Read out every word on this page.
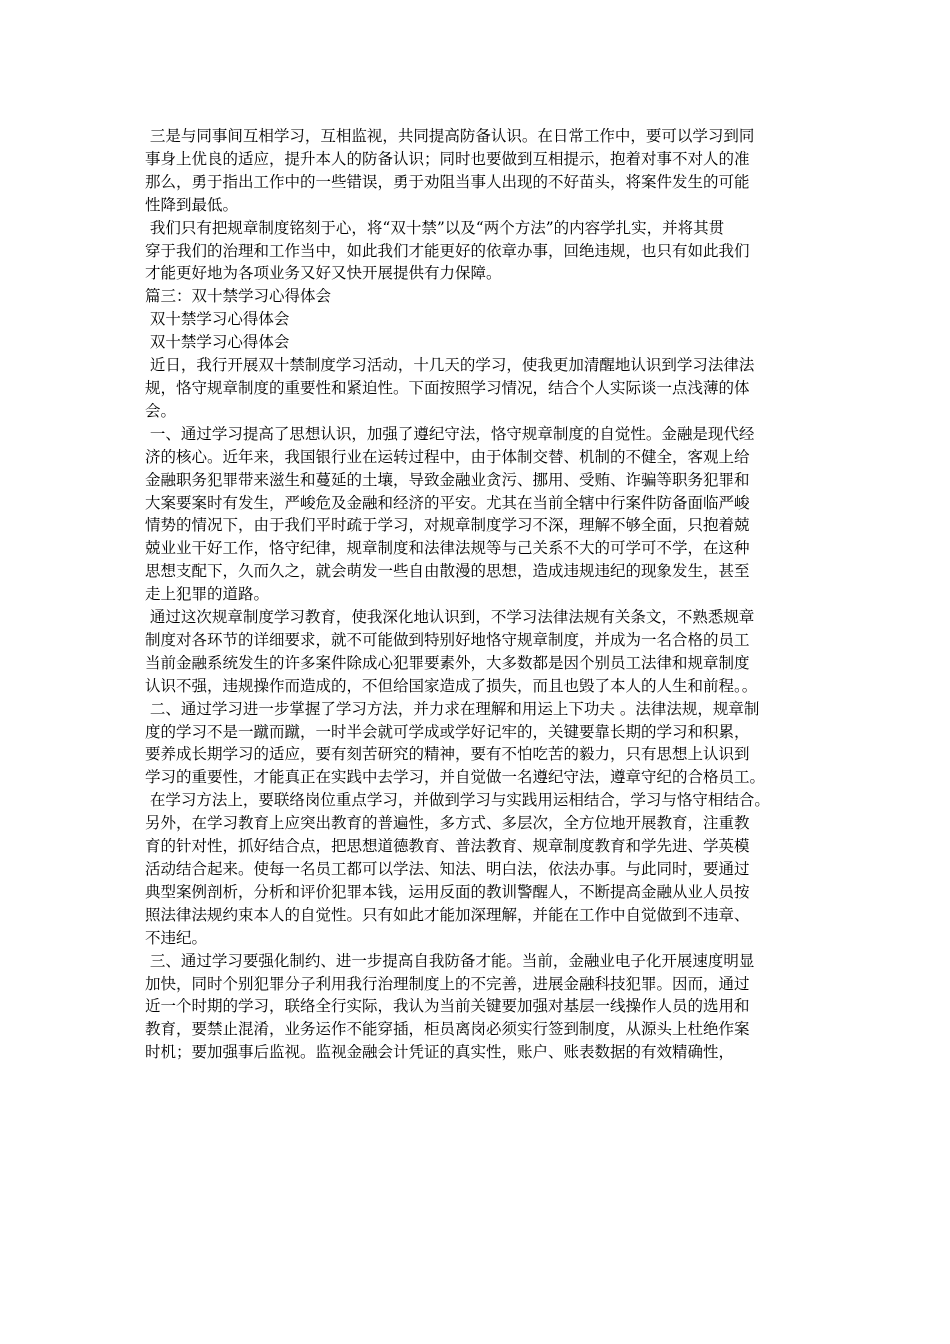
三是与同事间互相学习，互相监视，共同提高防备认识。在日常工作中，要可以学习到同
事身上优良的适应，提升本人的防备认识；同时也要做到互相提示，抱着对事不对人的准
那么，勇于指出工作中的一些错误，勇于劝阻当事人出现的不好苗头，将案件发生的可能
性降到最低。
我们只有把规章制度铭刻于心，将“双十禁”以及“两个方法”的内容学扎实，并将其贯
穿于我们的治理和工作当中，如此我们才能更好的依章办事，回绝违规，也只有如此我们
才能更好地为各项业务又好又快开展提供有力保障。
篇三：双十禁学习心得体会
双十禁学习心得体会
双十禁学习心得体会
近日，我行开展双十禁制度学习活动，十几天的学习，使我更加清醒地认识到学习法律法
规，恪守规章制度的重要性和紧迫性。下面按照学习情况，结合个人实际谈一点浅薄的体
会。
一、通过学习提高了思想认识，加强了遵纪守法，恪守规章制度的自觉性。金融是现代经
济的核心。近年来，我国银行业在运转过程中，由于体制交替、机制的不健全，客观上给
金融职务犯罪带来滋生和蔓延的土壤，导致金融业贪污、挪用、受贿、诈骗等职务犯罪和
大案要案时有发生，严峻危及金融和经济的平安。尤其在当前全辖中行案件防备面临严峻
情势的情况下，由于我们平时疏于学习，对规章制度学习不深，理解不够全面，只抱着兢
兢业业干好工作，恪守纪律，规章制度和法律法规等与己关系不大的可学可不学，在这种
思想支配下，久而久之，就会萌发一些自由散漫的思想，造成违规违纪的现象发生，甚至
走上犯罪的道路。
通过这次规章制度学习教育，使我深化地认识到，不学习法律法规有关条文，不熟悉规章
制度对各环节的详细要求，就不可能做到特别好地恪守规章制度，并成为一名合格的员工
当前金融系统发生的许多案件除成心犯罪要素外，大多数都是因个别员工法律和规章制度
认识不强，违规操作而造成的，不但给国家造成了损失，而且也毁了本人的人生和前程。。
二、通过学习进一步掌握了学习方法，并力求在理解和用运上下功夫 。法律法规，规章制
度的学习不是一蹴而蹴，一时半会就可学成或学好记牢的，关键要靠长期的学习和积累，
要养成长期学习的适应，要有刻苦研究的精神，要有不怕吃苦的毅力，只有思想上认识到
学习的重要性，才能真正在实践中去学习，并自觉做一名遵纪守法，遵章守纪的合格员工。
在学习方法上，要联络岗位重点学习，并做到学习与实践用运相结合，学习与恪守相结合。
另外，在学习教育上应突出教育的普遍性，多方式、多层次，全方位地开展教育，注重教
育的针对性，抓好结合点，把思想道德教育、普法教育、规章制度教育和学先进、学英模
活动结合起来。使每一名员工都可以学法、知法、明白法，依法办事。与此同时，要通过
典型案例剖析，分析和评价犯罪本钱，运用反面的教训警醒人，不断提高金融从业人员按
照法律法规约束本人的自觉性。只有如此才能加深理解，并能在工作中自觉做到不违章、
不违纪。
三、通过学习要强化制约、进一步提高自我防备才能。当前，金融业电子化开展速度明显
加快，同时个别犯罪分子利用我行治理制度上的不完善，进展金融科技犯罪。因而，通过
近一个时期的学习，联络全行实际，我认为当前关键要加强对基层一线操作人员的选用和
教育，要禁止混淆，业务运作不能穿插，柜员离岗必须实行签到制度，从源头上杜绝作案
时机；要加强事后监视。监视金融会计凭证的真实性，账户、账表数据的有效精确性，
